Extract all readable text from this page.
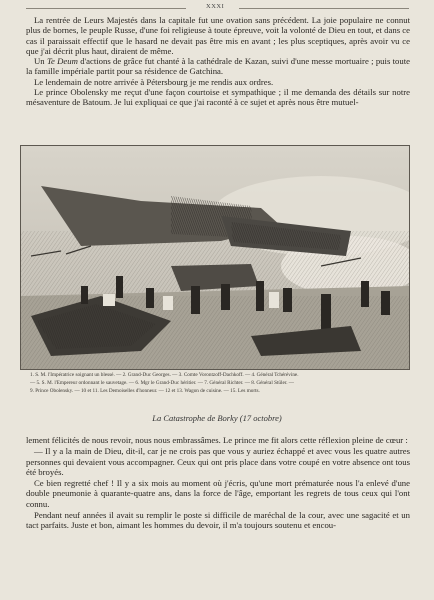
XXXI

La rentrée de Leurs Majestés dans la capitale fut une ovation sans précédent. La joie populaire ne connut plus de bornes, le peuple Russe, d'une foi religieuse à toute épreuve, voit la volonté de Dieu en tout, et dans ce cas il paraissait effectif que le hasard ne devait pas être mis en avant ; les plus sceptiques, après avoir vu ce que j'ai décrit plus haut, diraient de même.

Un Te Deum d'actions de grâce fut chanté à la cathédrale de Kazan, suivi d'une messe mortuaire ; puis toute la famille impériale partit pour sa résidence de Gatchina.

Le lendemain de notre arrivée à Pétersbourg je me rendis aux ordres.

Le prince Obolensky me reçut d'une façon courtoise et sympathique ; il me demanda des détails sur notre mésaventure de Batoum. Je lui expliquai ce que j'ai raconté à ce sujet et après nous être mutuel-

1. S. M. l'Impératrice soignant un blessé. — 2. Grand-Duc Georges. — 3. Comte Vorontzoff-Dachkoff. — 4. Général Tchérévine.
— 5. S. M. l'Empereur ordonnant le sauvetage. — 6. Mgr le Grand-Duc héritier. — 7. Général Richter. — 8. Général Stüler. —
9. Prince Obolensky. — 10 et 11. Les Demoiselles d'honneur. — 12 et 13. Wagon de cuisine. — 15. Les morts.
La Catastrophe de Borky (17 octobre)

lement félicités de nous revoir, nous nous embrassâmes. Le prince me fit alors cette réflexion pleine de cœur :

— Il y a la main de Dieu, dit-il, car je ne crois pas que vous y auriez échappé et avec vous les quatre autres personnes qui devaient vous accompagner. Ceux qui ont pris place dans votre coupé en votre absence ont tous été broyés.

Ce bien regretté chef ! Il y a six mois au moment où j'écris, qu'une mort prématurée nous l'a enlevé d'une double pneumonie à quarante-quatre ans, dans la force de l'âge, emportant les regrets de tous ceux qui l'ont connu.

Pendant neuf années il avait su remplir le poste si difficile de maréchal de la cour, avec une sagacité et un tact parfaits. Juste et bon, aimant les hommes du devoir, il m'a toujours soutenu et encou-
